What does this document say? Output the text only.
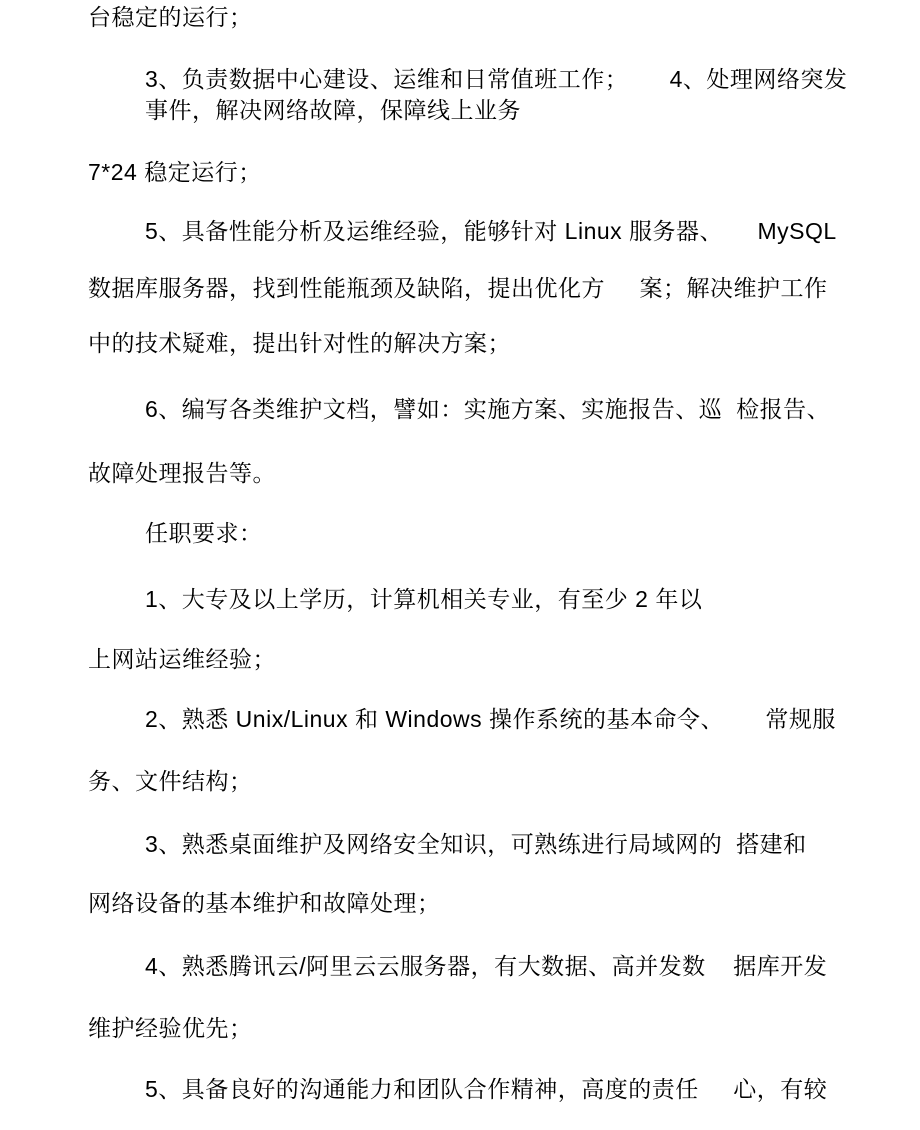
台稳定的运行；
3、负责数据中心建设、运维和日常值班工作；      4、处理网络突发
事件，解决网络故障，保障线上业务
7*24 稳定运行；
5、具备性能分析及运维经验，能够针对 Linux 服务器、     MySQL
数据库服务器，找到性能瓶颈及缺陷，提出优化方     案；解决维护工作
中的技术疑难，提出针对性的解决方案；
6、编写各类维护文档，譬如：实施方案、实施报告、巡  检报告、
故障处理报告等。
任职要求：
1、大专及以上学历，计算机相关专业，有至少 2 年以
上网站运维经验；
2、熟悉 Unix/Linux 和 Windows 操作系统的基本命令、      常规服
务、文件结构；
3、熟悉桌面维护及网络安全知识，可熟练进行局域网的  搭建和
网络设备的基本维护和故障处理；
4、熟悉腾讯云/阿里云云服务器，有大数据、高并发数    据库开发
维护经验优先；
5、具备良好的沟通能力和团队合作精神，高度的责任     心，有较
